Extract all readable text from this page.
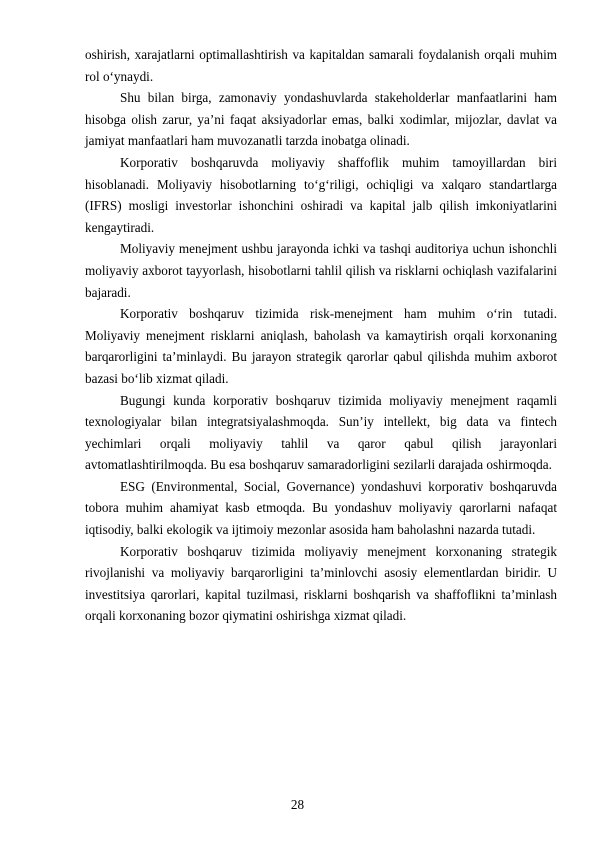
oshirish, xarajatlarni optimallashtirish va kapitaldan samarali foydalanish orqali muhim rol o‘ynaydi.

Shu bilan birga, zamonaviy yondashuvlarda stakeholderlar manfaatlarini ham hisobga olish zarur, ya’ni faqat aksiyadorlar emas, balki xodimlar, mijozlar, davlat va jamiyat manfaatlari ham muvozanatli tarzda inobatga olinadi.

Korporativ boshqaruvda moliyaviy shaffoflik muhim tamoyillardan biri hisoblanadi. Moliyaviy hisobotlarning to‘g‘riligi, ochiqligi va xalqaro standartlarga (IFRS) mosligi investorlar ishonchini oshiradi va kapital jalb qilish imkoniyatlarini kengaytiradi.

Moliyaviy menejment ushbu jarayonda ichki va tashqi auditoriya uchun ishonchli moliyaviy axborot tayyorlash, hisobotlarni tahlil qilish va risklarni ochiqlash vazifalarini bajaradi.

Korporativ boshqaruv tizimida risk-menejment ham muhim o‘rin tutadi. Moliyaviy menejment risklarni aniqlash, baholash va kamaytirish orqali korxonaning barqarorligini ta’minlaydi. Bu jarayon strategik qarorlar qabul qilishda muhim axborot bazasi bo‘lib xizmat qiladi.

Bugungi kunda korporativ boshqaruv tizimida moliyaviy menejment raqamli texnologiyalar bilan integratsiyalashmoqda. Sun’iy intellekt, big data va fintech yechimlari orqali moliyaviy tahlil va qaror qabul qilish jarayonlari avtomatlashtirilmoqda. Bu esa boshqaruv samaradorligini sezilarli darajada oshirmoqda.

ESG (Environmental, Social, Governance) yondashuvi korporativ boshqaruvda tobora muhim ahamiyat kasb etmoqda. Bu yondashuv moliyaviy qarorlarni nafaqat iqtisodiy, balki ekologik va ijtimoiy mezonlar asosida ham baholashni nazarda tutadi.

Korporativ boshqaruv tizimida moliyaviy menejment korxonaning strategik rivojlanishi va moliyaviy barqarorligini ta’minlovchi asosiy elementlardan biridir. U investitsiya qarorlari, kapital tuzilmasi, risklarni boshqarish va shaffoflikni ta’minlash orqali korxonaning bozor qiymatini oshirishga xizmat qiladi.

28
